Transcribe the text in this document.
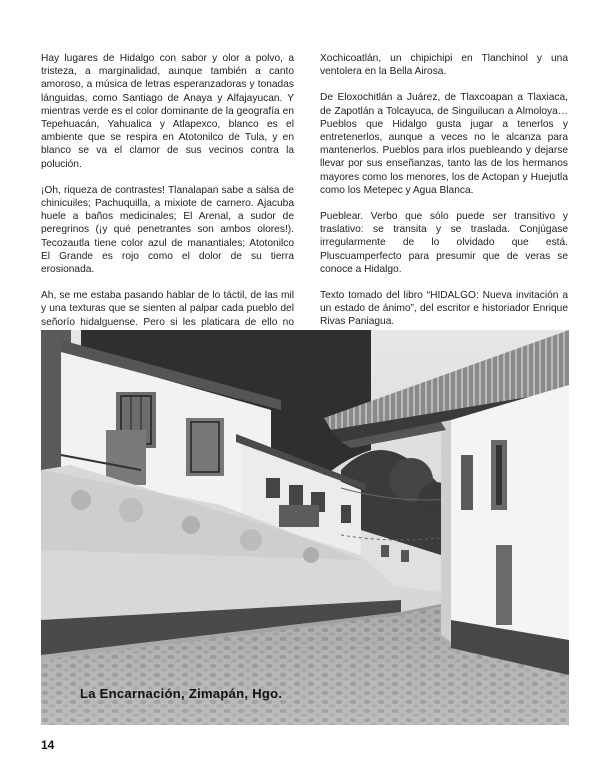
Hay lugares de Hidalgo con sabor y olor a polvo, a tristeza, a marginalidad, aunque también a canto amoroso, a música de letras esperanzadoras y tonadas lánguidas, como Santiago de Anaya y Alfajayucan. Y mientras verde es el color dominante de la geografía en Tepehuacán, Yahualica y Atlapexco, blanco es el ambiente que se respira en Atotonilco de Tula, y en blanco se va el clamor de sus vecinos contra la polución.

¡Oh, riqueza de contrastes! Tlanalapan sabe a salsa de chinicuiles; Pachuquilla, a mixiote de carnero. Ajacuba huele a baños medicinales; El Arenal, a sudor de peregrinos (¡y qué penetrantes son ambos olores!). Tecozautla tiene color azul de manantiales; Atotonilco El Grande es rojo como el dolor de su tierra erosionada.

Ah, se me estaba pasando hablar de lo táctil, de las mil y una texturas que se sienten al palpar cada pueblo del señorío hidalguense. Pero si les platicara de ello no

Xochicoatlán, un chipichipi en Tlanchinol y una ventolera en la Bella Airosa.

De Eloxochitlán a Juárez, de Tlaxcoapan a Tlaxiaca, de Zapotlán a Tolcayuca, de Singuilucan a Almoloya… Pueblos que Hidalgo gusta jugar a tenerlos y entretenerlos, aunque a veces no le alcanza para mantenerlos. Pueblos para irlos puebleando y dejarse llevar por sus enseñanzas, tanto las de los hermanos mayores como los menores, los de Actopan y Huejutla como los Metepec y Agua Blanca.

Pueblear. Verbo que sólo puede ser transitivo y traslativo: se transita y se traslada. Conjúgase irregularmente de lo olvidado que está. Pluscuamperfecto para presumir que de veras se conoce a Hidalgo.

Texto tomado del libro “HIDALGO: Nueva invitación a un estado de ánimo”, del escritor e historiador Enrique Rivas Paniagua.

La Encarnación, Zimapán, Hgo.
14
